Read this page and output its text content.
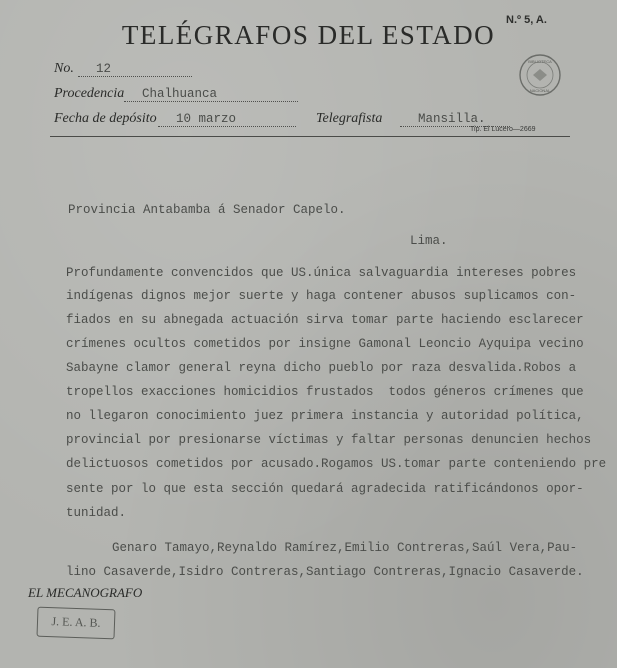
TELÉGRAFOS DEL ESTADO N.º 5, A.
BIBLIOTECA
NACIONAL
No.	12
Procedencia	Chalhuanca
Fecha de depósito	10 marzo	Telegrafista	Mansilla.
Tip. El Lucero—2669
Provincia Antabamba á Senador Capelo.
Lima.
Profundamente convencidos que US.única salvaguardia intereses pobres
indígenas dignos mejor suerte y haga contener abusos suplicamos con-
fiados en su abnegada actuación sirva tomar parte haciendo esclarecer
crímenes ocultos cometidos por insigne Gamonal Leoncio Ayquipa vecino
Sabayne clamor general reyna dicho pueblo por raza desvalida.Robos a
tropellos exacciones homicidios frustados  todos géneros crímenes que
no llegaron conocimiento juez primera instancia y autoridad política,
provincial por presionarse víctimas y faltar personas denuncien hechos
delictuosos cometidos por acusado.Rogamos US.tomar parte conteniendo pre
sente por lo que esta sección quedará agradecida ratificándonos opor-
tunidad.
Genaro Tamayo,Reynaldo Ramírez,Emilio Contreras,Saúl Vera,Pau-
lino Casaverde,Isidro Contreras,Santiago Contreras,Ignacio Casaverde.
EL MECANOGRAFO
J. E. A. B.
